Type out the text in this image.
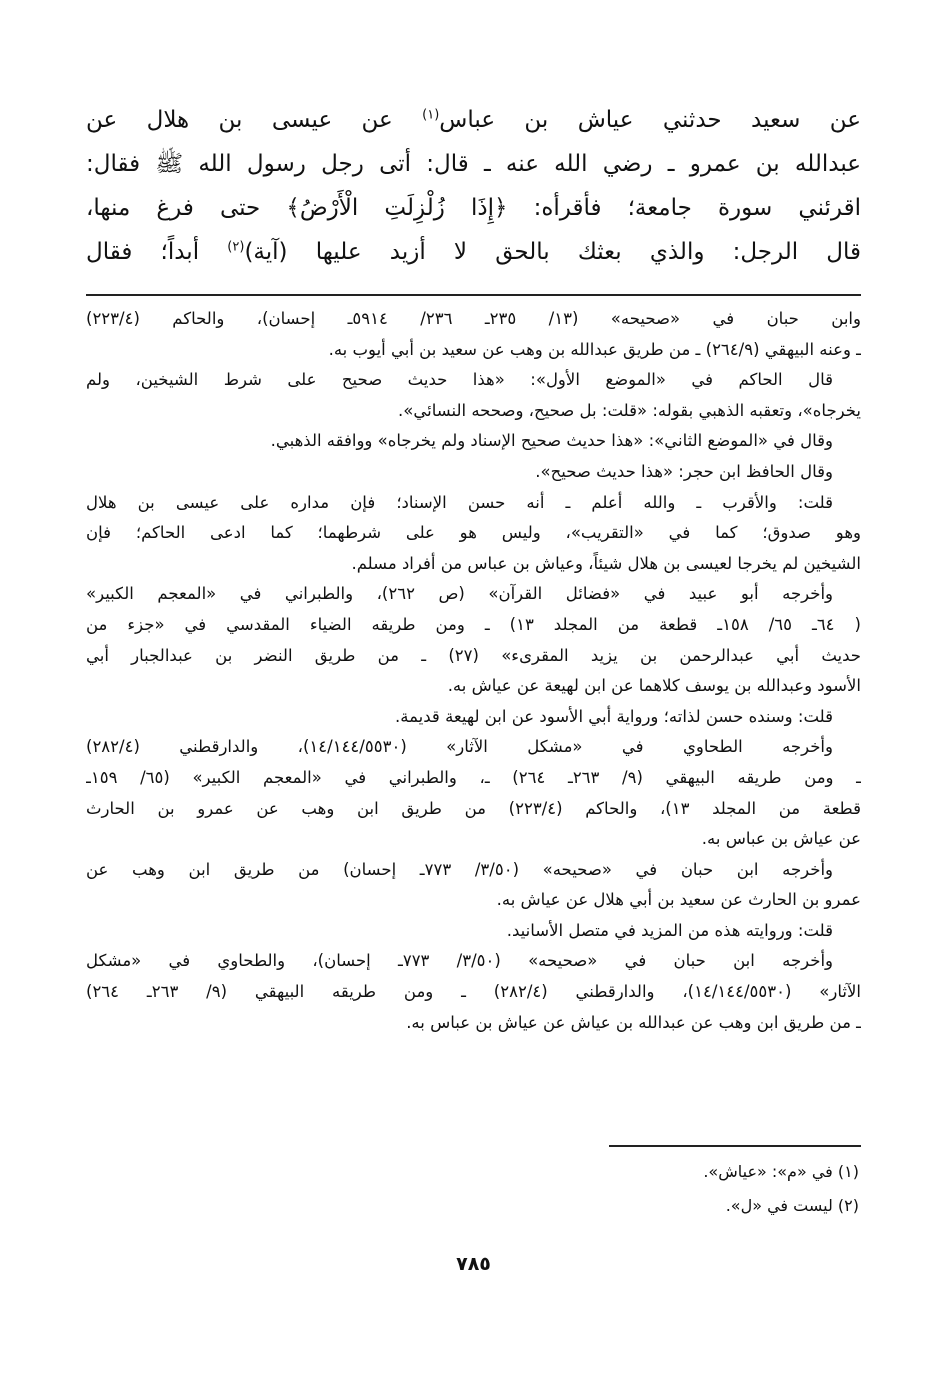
عن سعيد حدثني عياش بن عباس$^{(١)}$ عن عيسى بن هلال عن
عبدالله بن عمرو ـ رضي الله عنه ـ قال: أتى رجل رسول الله ﷺ فقال:
اقرئني سورة جامعة؛ فأقرأه: ﴿إِذَا زُلْزِلَتِ الْأَرْضُ﴾ حتى فرغ منها،
قال الرجل: والذي بعثك بالحق لا أزيد عليها (آية)$^{(٢)}$ أبداً؛ فقال
وابن حبان في «صحيحه» (١٣/ ٢٣٥ـ ٢٣٦/ ٥٩١٤ـ إحسان)، والحاكم (٢٢٣/٤)
ـ وعنه البيهقي (٢٦٤/٩) ـ من طريق عبدالله بن وهب عن سعيد بن أبي أيوب به.
قال الحاكم في «الموضع الأول»: «هذا حديث صحيح على شرط الشيخين، ولم
يخرجاه»، وتعقبه الذهبي بقوله: «قلت: بل صحيح، وصححه النسائي».
وقال في «الموضع الثاني»: «هذا حديث صحيح الإسناد ولم يخرجاه» ووافقه الذهبي.
وقال الحافظ ابن حجر: «هذا حديث صحيح».
قلت: والأقرب ـ والله أعلم ـ أنه حسن الإسناد؛ فإن مداره على عيسى بن هلال
وهو صدوق؛ كما في «التقريب»، وليس هو على شرطهما؛ كما ادعى الحاكم؛ فإن
الشيخين لم يخرجا لعيسى بن هلال شيئاً، وعياش بن عباس من أفراد مسلم.
وأخرجه أبو عبيد في «فضائل القرآن» (ص ٢٦٢)، والطبراني في «المعجم الكبير»
( ٦٤ـ ٦٥/ ١٥٨ـ قطعة من المجلد ١٣) ـ ومن طريقه الضياء المقدسي في «جزء من
حديث أبي عبدالرحمن بن يزيد المقرىء» (٢٧) ـ من طريق النضر بن عبدالجبار أبي
الأسود وعبدالله بن يوسف كلاهما عن ابن لهيعة عن عياش به.
قلت: وسنده حسن لذاته؛ ورواية أبي الأسود عن ابن لهيعة قديمة.
وأخرجه الطحاوي في «مشكل الآثار» (١٤/١٤٤/٥٥٣٠)، والدارقطني (٢٨٢/٤)
ـ ومن طريقه البيهقي (٩/ ٢٦٣ـ ٢٦٤) ـ، والطبراني في «المعجم الكبير» (٦٥/ ١٥٩ـ
قطعة من المجلد ١٣)، والحاكم (٢٢٣/٤) من طريق ابن وهب عن عمرو بن الحارث
عن عياش بن عباس به.
وأخرجه ابن حبان في «صحيحه» (٣/٥٠/ ٧٧٣ـ إحسان) من طريق ابن وهب عن
عمرو بن الحارث عن سعيد بن أبي هلال عن عياش به.
قلت: وروايته هذه من المزيد في متصل الأسانيد.
وأخرجه ابن حبان في «صحيحه» (٣/٥٠/ ٧٧٣ـ إحسان)، والطحاوي في «مشكل
الآثار» (١٤/١٤٤/٥٥٣٠)، والدارقطني (٢٨٢/٤) ـ ومن طريقه البيهقي (٩/ ٢٦٣ـ ٢٦٤)
ـ من طريق ابن وهب عن عبدالله بن عياش عن عياش بن عباس به.
(١) في «م»: «عياش».
(٢) ليست في «ل».
٧٨٥
